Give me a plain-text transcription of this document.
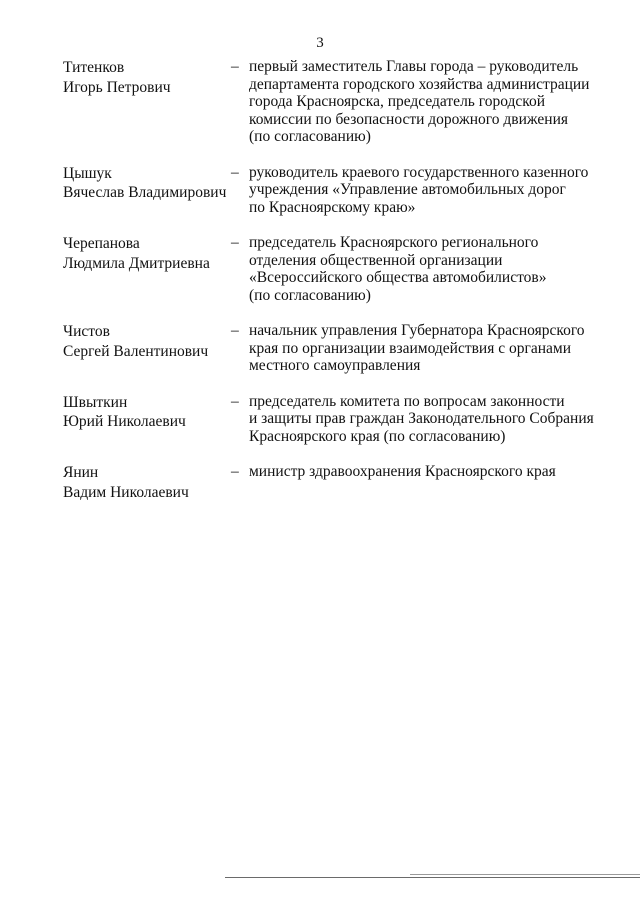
3
Титенков
Игорь Петрович
– первый заместитель Главы города – руководитель
департамента городского хозяйства администрации
города Красноярска, председатель городской
комиссии по безопасности дорожного движения
(по согласованию)
Цышук
Вячеслав Владимирович
– руководитель краевого государственного казенного
учреждения «Управление автомобильных дорог
по Красноярскому краю»
Черепанова
Людмила Дмитриевна
– председатель Красноярского регионального
отделения общественной организации
«Всероссийского общества автомобилистов»
(по согласованию)
Чистов
Сергей Валентинович
– начальник управления Губернатора Красноярского
края по организации взаимодействия с органами
местного самоуправления
Швыткин
Юрий Николаевич
– председатель комитета по вопросам законности
и защиты прав граждан Законодательного Собрания
Красноярского края (по согласованию)
Янин
Вадим Николаевич
– министр здравоохранения Красноярского края
